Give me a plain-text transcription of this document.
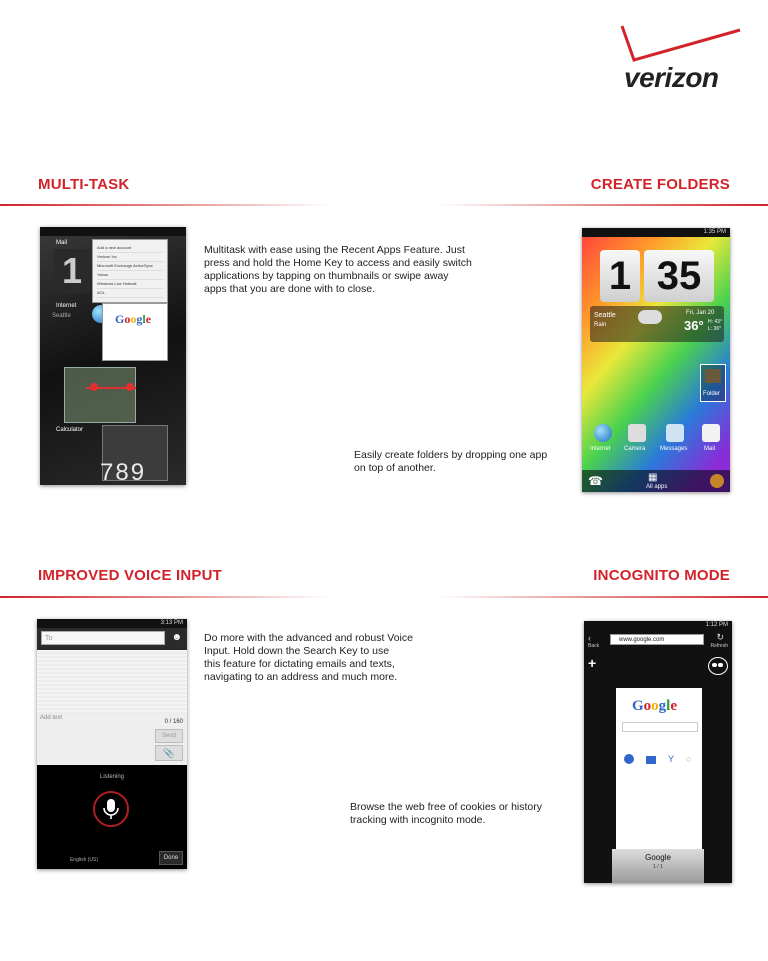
verizon
MULTI-TASK
Mail
1
Add a new account
Verizon Inc
Microsoft Exchange ActiveSync
Yahoo
Windows Live Hotmail
AOL
Internet
Seattle	Google
Calculator
789
Multitask with ease using the Recent Apps Feature. Just
press and hold the Home Key to access and easily switch
applications by tapping on thumbnails or swipe away
apps that you are done with to close.
CREATE FOLDERS
1:35 PM
1 35
Seattle
Rain
Fri, Jan 20
36° H: 43°
L: 36°
Folder
Internet Camera Messages	Mail
☎	▦
All apps
Easily create folders by dropping one app
on top of another.
IMPROVED VOICE INPUT
3:13 PM
To	☻
Add text
0 / 160
Send
📎
Listening
English (US)	Done
Do more with the advanced and robust Voice
Input. Hold down the Search Key to use
this feature for dictating emails and texts,
navigating to an address and much more.
INCOGNITO MODE
1:12 PM
‹
Back
www.google.com	↻
Refresh
+
Google
Y ○
Google
1 / 1
Browse the web free of cookies or history
tracking with incognito mode.
